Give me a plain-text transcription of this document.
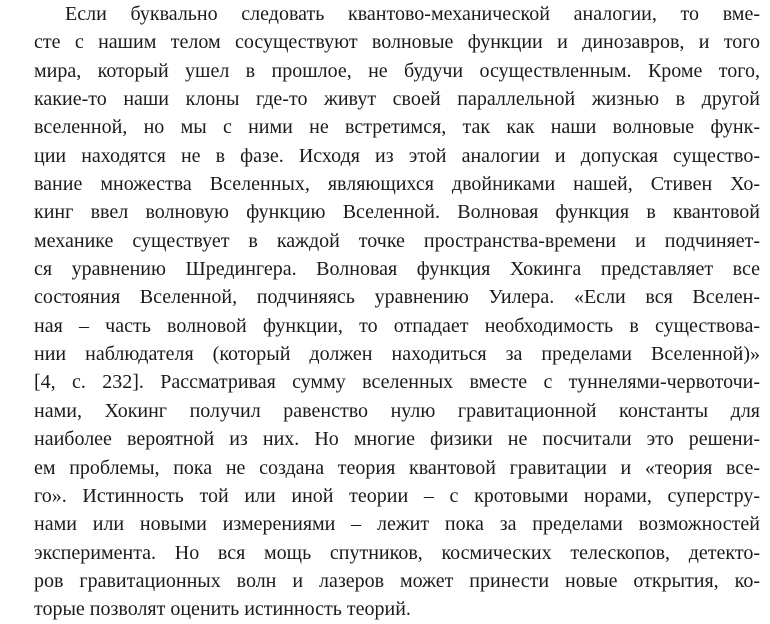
Если буквально следовать квантово-механической аналогии, то вме-
сте с нашим телом сосуществуют волновые функции и динозавров, и того
мира, который ушел в прошлое, не будучи осуществленным. Кроме того,
какие-то наши клоны где-то живут своей параллельной жизнью в другой
вселенной, но мы с ними не встретимся, так как наши волновые функ-
ции находятся не в фазе. Исходя из этой аналогии и допуская существо-
вание множества Вселенных, являющихся двойниками нашей, Стивен Хо-
кинг ввел волновую функцию Вселенной. Волновая функция в квантовой
механике существует в каждой точке пространства-времени и подчиняет-
ся уравнению Шредингера. Волновая функция Хокинга представляет все
состояния Вселенной, подчиняясь уравнению Уилера. «Если вся Вселен-
ная – часть волновой функции, то отпадает необходимость в существова-
нии наблюдателя (который должен находиться за пределами Вселенной)»
[4, с. 232]. Рассматривая сумму вселенных вместе с туннелями-червоточи-
нами, Хокинг получил равенство нулю гравитационной константы для
наиболее вероятной из них. Но многие физики не посчитали это решени-
ем проблемы, пока не создана теория квантовой гравитации и «теория все-
го». Истинность той или иной теории – с кротовыми норами, суперстру-
нами или новыми измерениями – лежит пока за пределами возможностей
эксперимента. Но вся мощь спутников, космических телескопов, детекто-
ров гравитационных волн и лазеров может принести новые открытия, ко-
торые позволят оценить истинность теорий.
